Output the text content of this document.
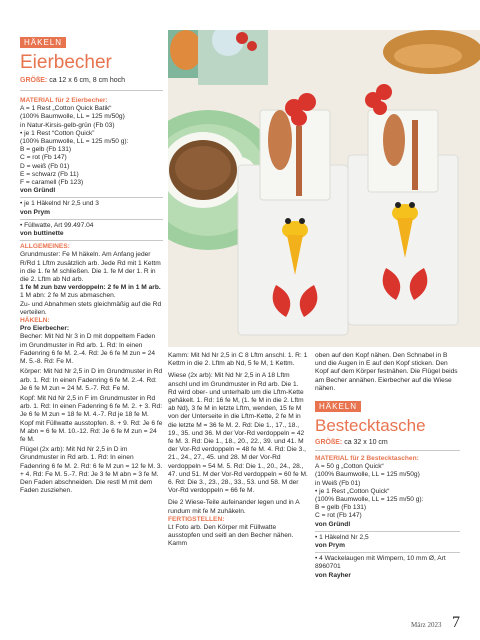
HÄKELN
Eierbecher
GRÖßE: ca 12 x 6 cm, 8 cm hoch

MATERIAL für 2 Eierbecher:

A = 1 Rest „Cotton Quick Batik“

(100% Baumwolle, LL = 125 m/50g)

in Natur-Kirsis-gelb-grün (Fb 03)

• je 1 Rest “Cotton Quick”

(100% Baumwolle, LL = 125 m/50 g):

B = gelb (Fb 131)

C = rot (Fb 147)

D = weiß (Fb 01)

E = schwarz (Fb 11)

F = caramell (Fb 123)

von Gründl

• je 1 Häkelnd Nr 2,5 und 3

von Prym

• Füllwatte, Art 99.497.04

von buttinette

ALLGEMEINES:

Grundmuster: Fe M häkeln. Am Anfang jeder R/Rd 1 Lftm zusätzlich arb. Jede Rd mit 1 Kettm in die 1. fe M schließen. Die 1. fe M der 1. R in die 2. Lftm ab Nd arb.

1 fe M zun bzw verdoppeln: 2 fe M in 1 M arb.

1 M abn: 2 fe M zus abmaschen.

Zu- und Abnahmen stets gleichmäßig auf die Rd verteilen.

HÄKELN:

Pro Eierbecher:

Becher: Mit Nd Nr 3 in D mit doppeltem Faden im Grundmuster in Rd arb. 1. Rd: In einen Fadenring 6 fe M. 2.-4. Rd: Je 6 fe M zun = 24 M. 5.-8. Rd: Fe M.

Körper: Mit Nd Nr 2,5 in D im Grundmuster in Rd arb. 1. Rd: In einen Fadenring 6 fe M. 2.-4. Rd: Je 6 fe M zun = 24 M. 5.-7. Rd: Fe M.

Kopf: Mit Nd Nr 2,5 in F im Grundmuster in Rd arb. 1. Rd: In einen Fadenring 6 fe M. 2. + 3. Rd: Je 6 fe M zun = 18 fe M. 4.-7. Rd je 18 fe M. Kopf mit Füllwatte ausstopfen. 8. + 9. Rd: Je 6 fe M abn = 6 fe M. 10.-12. Rd: Je 6 fe M zun = 24 fe M.

Flügel (2x arb): Mit Nd Nr 2,5 in D im Grundmuster in Rd arb. 1. Rd: In einen Fadenring 6 fe M. 2. Rd: 6 fe M zun = 12 fe M. 3. + 4. Rd: Fe M. 5.-7. Rd: Je 3 fe M abn = 3 fe M. Den Faden abschneiden. Die restl M mit dem Faden zusziehen.

Kamm: Mit Nd Nr 2,5 in C 8 Lftm anschl. 1. R: 1 Kettm in die 2. Lftm ab Nd, 5 fe M, 1 Kettm.

Wiese (2x arb): Mit Nd Nr 2,5 in A 18 Lftm anschl und im Grundmuster in Rd arb. Die 1. Rd wird ober- und unterhalb um die Lftm-Kette gehäkelt. 1. Rd: 16 fe M, (1. fe M in die 2. Lftm ab Nd), 3 fe M in letzte Lftm, wenden, 15 fe M von der Unterseite in die Lftm-Kette, 2 fe M in die letzte M = 36 fe M. 2. Rd: Die 1., 17., 18., 19., 35. und 36. M der Vor-Rd verdoppeln = 42 fe M. 3. Rd: Die 1., 18., 20., 22., 39. und 41. M der Vor-Rd verdoppeln = 48 fe M. 4. Rd: Die 3., 21., 24., 27., 45. und 28. M der Vor-Rd verdoppeln = 54 M. 5. Rd: Die 1., 20., 24., 28., 47. und 51. M der Vor-Rd verdoppeln = 60 fe M. 6. Rd: Die 3., 23., 28., 33., 53. und 58. M der Vor-Rd verdoppeln = 66 fe M.

Die 2 Wiese-Teile aufeinander legen und in A rundum mit fe M zuhäkeln.

FERTIGSTELLEN:

Lt Foto arb. Den Körper mit Füllwatte ausstopfen und seitl an den Becher nähen. Kamm

oben auf den Kopf nähen. Den Schnabel in B und die Augen in E auf den Kopf sticken. Den Kopf auf dem Körper festnähen. Die Flügel beids am Becher annähen. Eierbecher auf die Wiese nähen.

HÄKELN
Bestecktasche
GRÖßE: ca 32 x 10 cm

MATERIAL für 2 Bestecktaschen:

A = 50 g „Cotton Quick“

(100% Baumwolle, LL = 125 m/50g)

in Weiß (Fb 01)

• je 1 Rest „Cotton Quick“

(100% Baumwolle, LL = 125 m/50 g):

B = gelb (Fb 131)

C = rot (Fb 147)

von Gründl

• 1 Häkelnd Nr 2,5

von Prym

• 4 Wackelaugen mit Wimpern, 10 mm Ø, Art 8960701

von Rayher

März 2023 7
